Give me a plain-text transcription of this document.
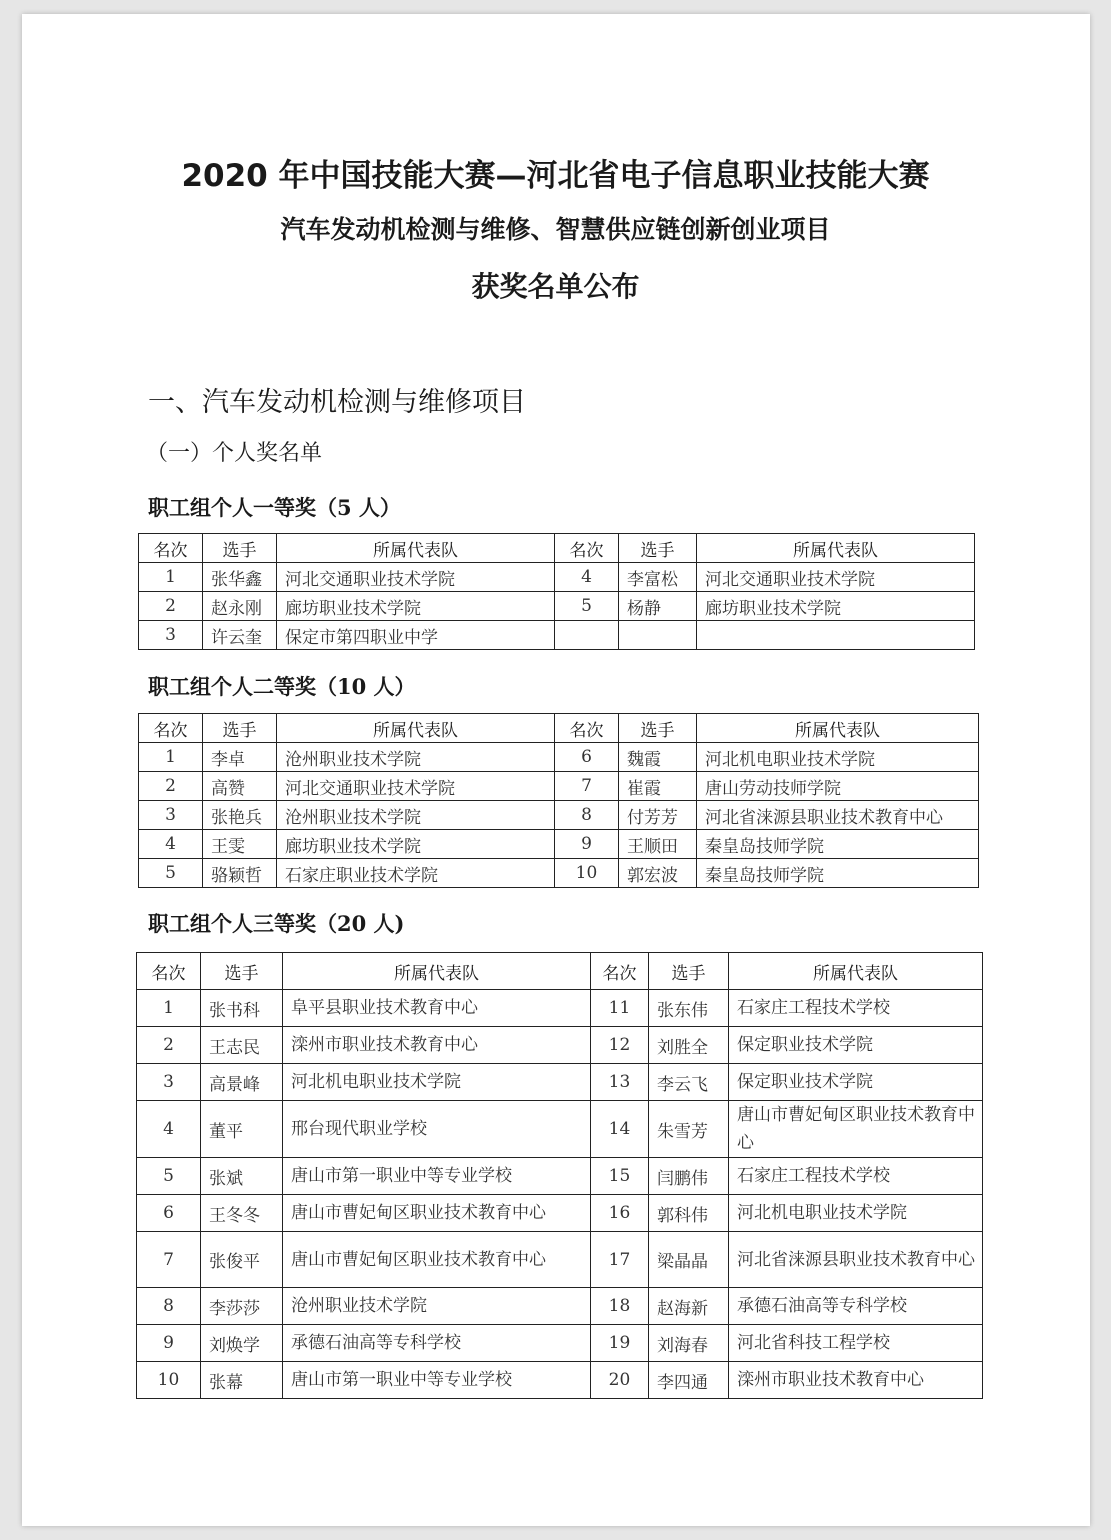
2020 年中国技能大赛—河北省电子信息职业技能大赛
汽车发动机检测与维修、智慧供应链创新创业项目
获奖名单公布
一、汽车发动机检测与维修项目
（一）个人奖名单
职工组个人一等奖（5 人）
名次	选手	所属代表队	名次	选手	所属代表队
1	张华鑫	河北交通职业技术学院	4	李富松	河北交通职业技术学院
2	赵永刚	廊坊职业技术学院	5	杨静	廊坊职业技术学院
3	许云奎	保定市第四职业中学			
职工组个人二等奖（10 人）
名次	选手	所属代表队	名次	选手	所属代表队
1	李卓	沧州职业技术学院	6	魏霞	河北机电职业技术学院
2	高赞	河北交通职业技术学院	7	崔霞	唐山劳动技师学院
3	张艳兵	沧州职业技术学院	8	付芳芳	河北省涞源县职业技术教育中心
4	王雯	廊坊职业技术学院	9	王顺田	秦皇岛技师学院
5	骆颖哲	石家庄职业技术学院	10	郭宏波	秦皇岛技师学院
职工组个人三等奖（20 人)
名次	选手	所属代表队	名次	选手	所属代表队
1	张书科	阜平县职业技术教育中心	11	张东伟	石家庄工程技术学校
2	王志民	滦州市职业技术教育中心	12	刘胜全	保定职业技术学院
3	高景峰	河北机电职业技术学院	13	李云飞	保定职业技术学院
4	董平	邢台现代职业学校	14	朱雪芳	唐山市曹妃甸区职业技术教育中心
5	张斌	唐山市第一职业中等专业学校	15	闫鹏伟	石家庄工程技术学校
6	王冬冬	唐山市曹妃甸区职业技术教育中心	16	郭科伟	河北机电职业技术学院
7	张俊平	唐山市曹妃甸区职业技术教育中心	17	梁晶晶	河北省涞源县职业技术教育中心
8	李莎莎	沧州职业技术学院	18	赵海新	承德石油高等专科学校
9	刘焕学	承德石油高等专科学校	19	刘海春	河北省科技工程学校
10	张幕	唐山市第一职业中等专业学校	20	李四通	滦州市职业技术教育中心
